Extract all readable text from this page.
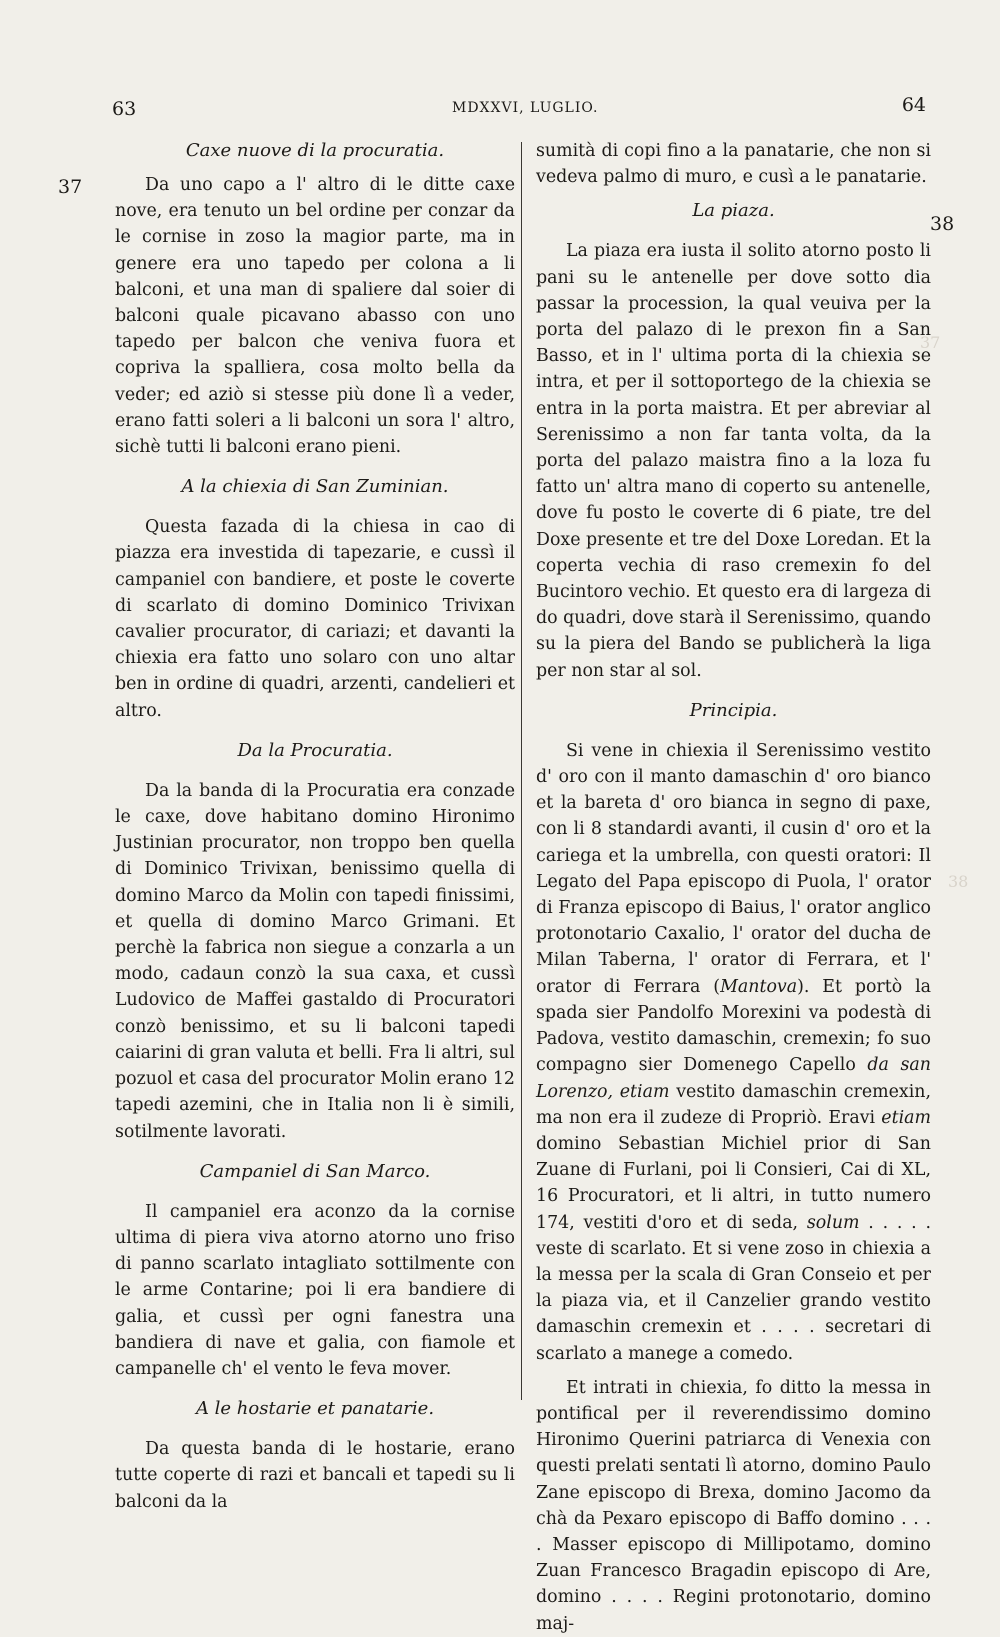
63	MDXXVI, LUGLIO.	64
37
38
37
38
Caxe nuove di la procuratia.

Da uno capo a l' altro di le ditte caxe nove, era tenuto un bel ordine per conzar da le cornise in zoso la magior parte, ma in genere era uno tapedo per colona a li balconi, et una man di spaliere dal soier di balconi quale picavano abasso con uno tapedo per balcon che veniva fuora et copriva la spalliera, cosa molto bella da veder; ed aziò si stesse più done lì a veder, erano fatti soleri a li balconi un sora l' altro, sichè tutti li balconi erano pieni.

A la chiexia di San Zuminian.

Questa fazada di la chiesa in cao di piazza era investida di tapezarie, e cussì il campaniel con bandiere, et poste le coverte di scarlato di domino Dominico Trivixan cavalier procurator, di cariazi; et davanti la chiexia era fatto uno solaro con uno altar ben in ordine di quadri, arzenti, candelieri et altro.

Da la Procuratia.

Da la banda di la Procuratia era conzade le caxe, dove habitano domino Hironimo Justinian procurator, non troppo ben quella di Dominico Trivixan, benissimo quella di domino Marco da Molin con tapedi finissimi, et quella di domino Marco Grimani. Et perchè la fabrica non siegue a conzarla a un modo, cadaun conzò la sua caxa, et cussì Ludovico de Maffei gastaldo di Procuratori conzò benissimo, et su li balconi tapedi caiarini di gran valuta et belli. Fra li altri, sul pozuol et casa del procurator Molin erano 12 tapedi azemini, che in Italia non li è simili, sotilmente lavorati.

Campaniel di San Marco.

Il campaniel era aconzo da la cornise ultima di piera viva atorno atorno uno friso di panno scarlato intagliato sottilmente con le arme Contarine; poi li era bandiere di galia, et cussì per ogni fanestra una bandiera di nave et galia, con fiamole et campanelle ch' el vento le feva mover.

A le hostarie et panatarie.

Da questa banda di le hostarie, erano tutte coperte di razi et bancali et tapedi su li balconi da la

sumità di copi fino a la panatarie, che non si vedeva palmo di muro, e cusì a le panatarie.

La piaza.

La piaza era iusta il solito atorno posto li pani su le antenelle per dove sotto dia passar la procession, la qual veuiva per la porta del palazo di le prexon fin a San Basso, et in l' ultima porta di la chiexia se intra, et per il sottoportego de la chiexia se entra in la porta maistra. Et per abreviar al Serenissimo a non far tanta volta, da la porta del palazo maistra fino a la loza fu fatto un' altra mano di coperto su antenelle, dove fu posto le coverte di 6 piate, tre del Doxe presente et tre del Doxe Loredan. Et la coperta vechia di raso cremexin fo del Bucintoro vechio. Et questo era di largeza di do quadri, dove starà il Serenissimo, quando su la piera del Bando se publicherà la liga per non star al sol.

Principia.

Si vene in chiexia il Serenissimo vestito d' oro con il manto damaschin d' oro bianco et la bareta d' oro bianca in segno di paxe, con li 8 standardi avanti, il cusin d' oro et la cariega et la umbrella, con questi oratori: Il Legato del Papa episcopo di Puola, l' orator di Franza episcopo di Baius, l' orator anglico protonotario Caxalio, l' orator del ducha de Milan Taberna, l' orator di Ferrara, et l' orator di Ferrara (Mantova). Et portò la spada sier Pandolfo Morexini va podestà di Padova, vestito damaschin, cremexin; fo suo compagno sier Domenego Capello da san Lorenzo, etiam vestito damaschin cremexin, ma non era il zudeze di Propriò. Eravi etiam domino Sebastian Michiel prior di San Zuane di Furlani, poi li Consieri, Cai di XL, 16 Procuratori, et li altri, in tutto numero 174, vestiti d'oro et di seda, solum . . . . . veste di scarlato. Et si vene zoso in chiexia a la messa per la scala di Gran Conseio et per la piaza via, et il Canzelier grando vestito damaschin cremexin et . . . . secretari di scarlato a manege a comedo.

Et intrati in chiexia, fo ditto la messa in pontifical per il reverendissimo domino Hironimo Querini patriarca di Venexia con questi prelati sentati lì atorno, domino Paulo Zane episcopo di Brexa, domino Jacomo da chà da Pexaro episcopo di Baffo domino . . . . Masser episcopo di Millipotamo, domino Zuan Francesco Bragadin episcopo di Are, domino . . . . Regini protonotario, domino maj-
